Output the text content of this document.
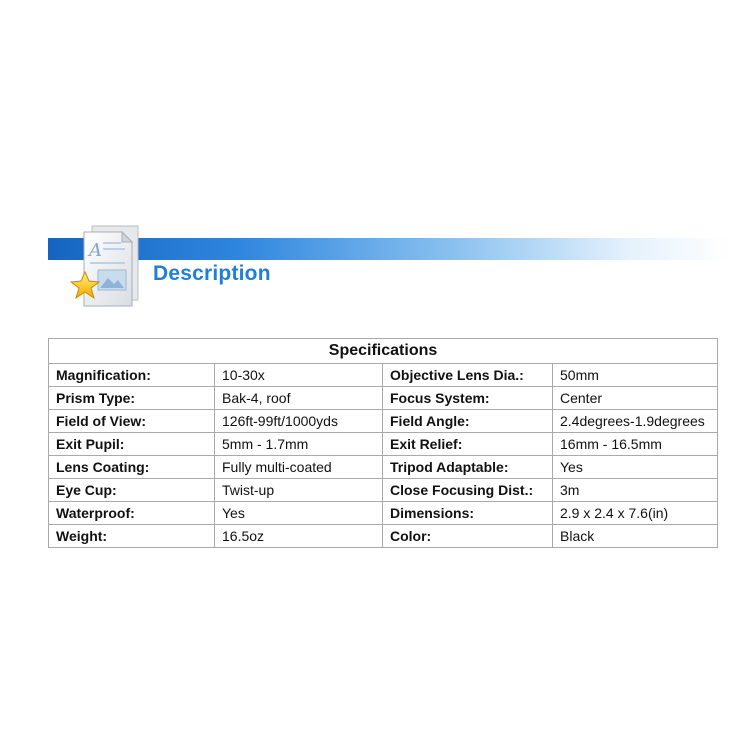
A
Description
Specifications			
Magnification:	10-30x	Objective Lens Dia.:	50mm
Prism Type:	Bak-4, roof	Focus System:	Center
Field of View:	126ft-99ft/1000yds	Field Angle:	2.4degrees-1.9degrees
Exit Pupil:	5mm - 1.7mm	Exit Relief:	16mm - 16.5mm
Lens Coating:	Fully multi-coated	Tripod Adaptable:	Yes
Eye Cup:	Twist-up	Close Focusing Dist.:	3m
Waterproof:	Yes	Dimensions:	2.9 x 2.4 x 7.6(in)
Weight:	16.5oz	Color:	Black
